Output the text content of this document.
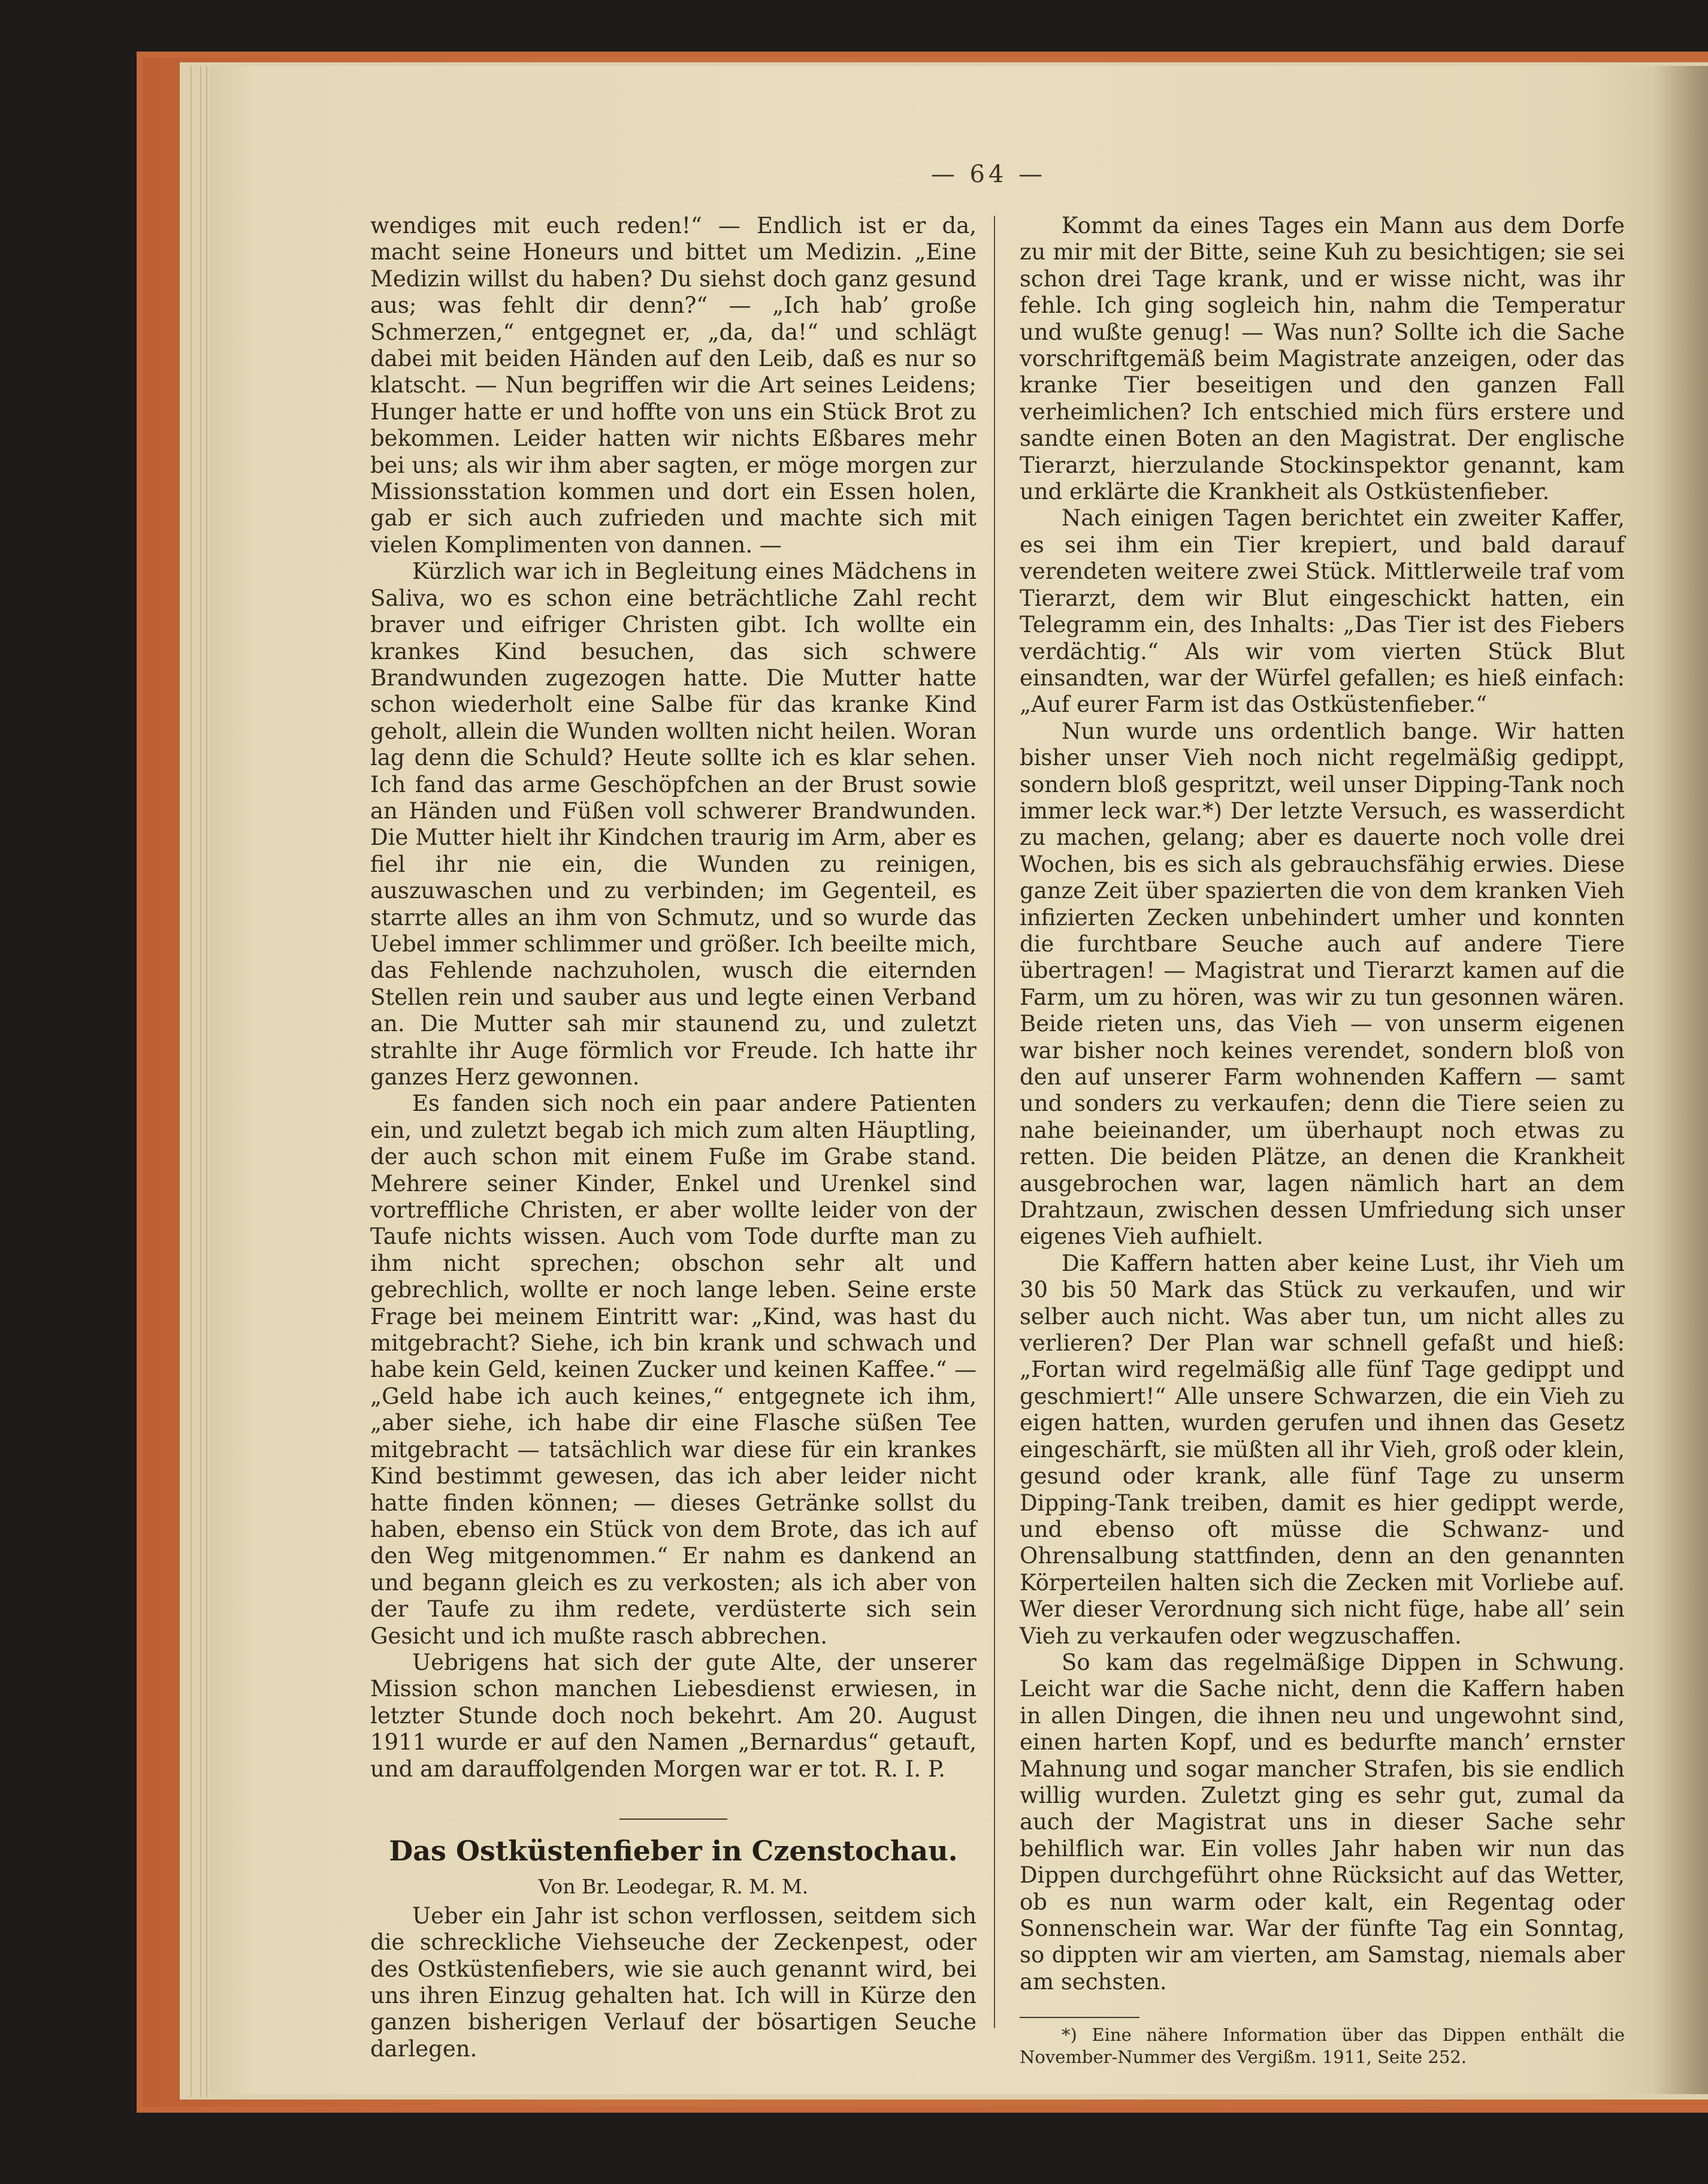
— 64 —

wendiges mit euch reden!“ — Endlich ist er da, macht seine Honeurs und bittet um Medizin. „Eine Medizin willst du haben? Du siehst doch ganz gesund aus; was fehlt dir denn?“ — „Ich hab’ große Schmerzen,“ entgegnet er, „da, da!“ und schlägt dabei mit beiden Händen auf den Leib, daß es nur so klatscht. — Nun begriffen wir die Art seines Leidens; Hunger hatte er und hoffte von uns ein Stück Brot zu bekommen. Leider hatten wir nichts Eßbares mehr bei uns; als wir ihm aber sagten, er möge morgen zur Missionsstation kommen und dort ein Essen holen, gab er sich auch zufrieden und machte sich mit vielen Komplimenten von dannen. —

Kürzlich war ich in Begleitung eines Mädchens in Saliva, wo es schon eine beträchtliche Zahl recht braver und eifriger Christen gibt. Ich wollte ein krankes Kind besuchen, das sich schwere Brandwunden zugezogen hatte. Die Mutter hatte schon wiederholt eine Salbe für das kranke Kind geholt, allein die Wunden wollten nicht heilen. Woran lag denn die Schuld? Heute sollte ich es klar sehen. Ich fand das arme Geschöpfchen an der Brust sowie an Händen und Füßen voll schwerer Brandwunden. Die Mutter hielt ihr Kindchen traurig im Arm, aber es fiel ihr nie ein, die Wunden zu reinigen, auszuwaschen und zu verbinden; im Gegenteil, es starrte alles an ihm von Schmutz, und so wurde das Uebel immer schlimmer und größer. Ich beeilte mich, das Fehlende nachzuholen, wusch die eiternden Stellen rein und sauber aus und legte einen Verband an. Die Mutter sah mir staunend zu, und zuletzt strahlte ihr Auge förmlich vor Freude. Ich hatte ihr ganzes Herz gewonnen.

Es fanden sich noch ein paar andere Patienten ein, und zuletzt begab ich mich zum alten Häuptling, der auch schon mit einem Fuße im Grabe stand. Mehrere seiner Kinder, Enkel und Urenkel sind vortreffliche Christen, er aber wollte leider von der Taufe nichts wissen. Auch vom Tode durfte man zu ihm nicht sprechen; obschon sehr alt und gebrechlich, wollte er noch lange leben. Seine erste Frage bei meinem Eintritt war: „Kind, was hast du mitgebracht? Siehe, ich bin krank und schwach und habe kein Geld, keinen Zucker und keinen Kaffee.“ — „Geld habe ich auch keines,“ entgegnete ich ihm, „aber siehe, ich habe dir eine Flasche süßen Tee mitgebracht — tatsächlich war diese für ein krankes Kind bestimmt gewesen, das ich aber leider nicht hatte finden können; — dieses Getränke sollst du haben, ebenso ein Stück von dem Brote, das ich auf den Weg mitgenommen.“ Er nahm es dankend an und begann gleich es zu verkosten; als ich aber von der Taufe zu ihm redete, verdüsterte sich sein Gesicht und ich mußte rasch abbrechen.

Uebrigens hat sich der gute Alte, der unserer Mission schon manchen Liebesdienst erwiesen, in letzter Stunde doch noch bekehrt. Am 20. August 1911 wurde er auf den Namen „Bernardus“ getauft, und am darauffolgenden Morgen war er tot. R. I. P.

Das Ostküstenfieber in Czenstochau.
Von Br. Leodegar, R. M. M.

Ueber ein Jahr ist schon verflossen, seitdem sich die schreckliche Viehseuche der Zeckenpest, oder des Ostküstenfiebers, wie sie auch genannt wird, bei uns ihren Einzug gehalten hat. Ich will in Kürze den ganzen bisherigen Verlauf der bösartigen Seuche darlegen.

Kommt da eines Tages ein Mann aus dem Dorfe zu mir mit der Bitte, seine Kuh zu besichtigen; sie sei schon drei Tage krank, und er wisse nicht, was ihr fehle. Ich ging sogleich hin, nahm die Temperatur und wußte genug! — Was nun? Sollte ich die Sache vorschriftgemäß beim Magistrate anzeigen, oder das kranke Tier beseitigen und den ganzen Fall verheimlichen? Ich entschied mich fürs erstere und sandte einen Boten an den Magistrat. Der englische Tierarzt, hierzulande Stockinspektor genannt, kam und erklärte die Krankheit als Ostküstenfieber.

Nach einigen Tagen berichtet ein zweiter Kaffer, es sei ihm ein Tier krepiert, und bald darauf verendeten weitere zwei Stück. Mittlerweile traf vom Tierarzt, dem wir Blut eingeschickt hatten, ein Telegramm ein, des Inhalts: „Das Tier ist des Fiebers verdächtig.“ Als wir vom vierten Stück Blut einsandten, war der Würfel gefallen; es hieß einfach: „Auf eurer Farm ist das Ostküstenfieber.“

Nun wurde uns ordentlich bange. Wir hatten bisher unser Vieh noch nicht regelmäßig gedippt, sondern bloß gespritzt, weil unser Dipping-Tank noch immer leck war.*) Der letzte Versuch, es wasserdicht zu machen, gelang; aber es dauerte noch volle drei Wochen, bis es sich als gebrauchsfähig erwies. Diese ganze Zeit über spazierten die von dem kranken Vieh infizierten Zecken unbehindert umher und konnten die furchtbare Seuche auch auf andere Tiere übertragen! — Magistrat und Tierarzt kamen auf die Farm, um zu hören, was wir zu tun gesonnen wären. Beide rieten uns, das Vieh — von unserm eigenen war bisher noch keines verendet, sondern bloß von den auf unserer Farm wohnenden Kaffern — samt und sonders zu verkaufen; denn die Tiere seien zu nahe beieinander, um überhaupt noch etwas zu retten. Die beiden Plätze, an denen die Krankheit ausgebrochen war, lagen nämlich hart an dem Drahtzaun, zwischen dessen Umfriedung sich unser eigenes Vieh aufhielt.

Die Kaffern hatten aber keine Lust, ihr Vieh um 30 bis 50 Mark das Stück zu verkaufen, und wir selber auch nicht. Was aber tun, um nicht alles zu verlieren? Der Plan war schnell gefaßt und hieß: „Fortan wird regelmäßig alle fünf Tage gedippt und geschmiert!“ Alle unsere Schwarzen, die ein Vieh zu eigen hatten, wurden gerufen und ihnen das Gesetz eingeschärft, sie müßten all ihr Vieh, groß oder klein, gesund oder krank, alle fünf Tage zu unserm Dipping-Tank treiben, damit es hier gedippt werde, und ebenso oft müsse die Schwanz- und Ohrensalbung stattfinden, denn an den genannten Körperteilen halten sich die Zecken mit Vorliebe auf. Wer dieser Verordnung sich nicht füge, habe all’ sein Vieh zu verkaufen oder wegzuschaffen.

So kam das regelmäßige Dippen in Schwung. Leicht war die Sache nicht, denn die Kaffern haben in allen Dingen, die ihnen neu und ungewohnt sind, einen harten Kopf, und es bedurfte manch’ ernster Mahnung und sogar mancher Strafen, bis sie endlich willig wurden. Zuletzt ging es sehr gut, zumal da auch der Magistrat uns in dieser Sache sehr behilflich war. Ein volles Jahr haben wir nun das Dippen durchgeführt ohne Rücksicht auf das Wetter, ob es nun warm oder kalt, ein Regentag oder Sonnenschein war. War der fünfte Tag ein Sonntag, so dippten wir am vierten, am Samstag, niemals aber am sechsten.

*) Eine nähere Information über das Dippen enthält die November-Nummer des Vergißm. 1911, Seite 252.
